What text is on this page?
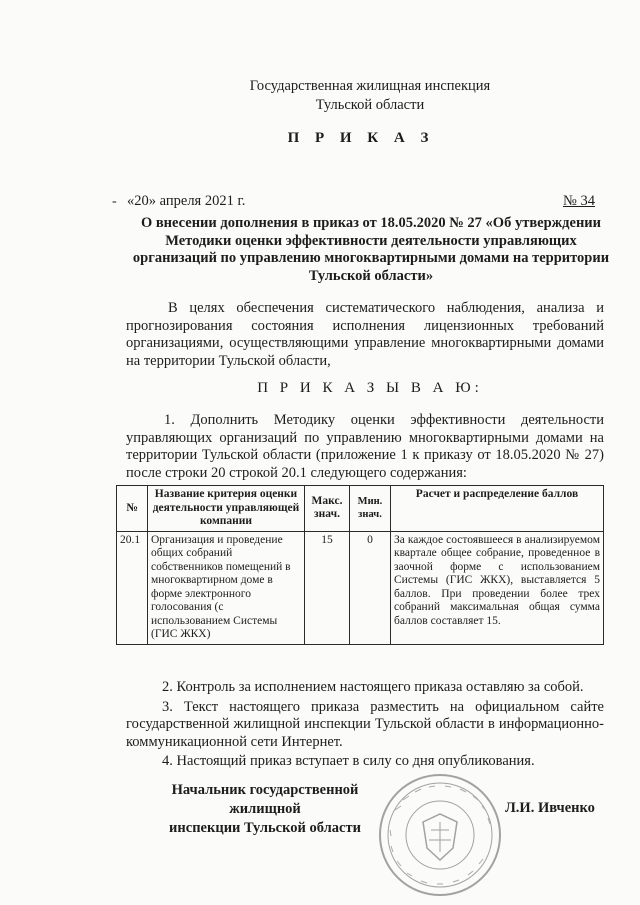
-
Государственная жилищная инспекция
Тульской области
П Р И К А З
«20» апреля 2021 г.	№ 34
О внесении дополнения в приказ от 18.05.2020 № 27 «Об утверждении Методики оценки эффективности деятельности управляющих организаций по управлению многоквартирными домами на территории Тульской области»
В целях обеспечения систематического наблюдения, анализа и прогнозирования состояния исполнения лицензионных требований организациями, осуществляющими управление многоквартирными домами на территории Тульской области,
П Р И К А З Ы В А Ю:
1. Дополнить Методику оценки эффективности деятельности управляющих организаций по управлению многоквартирными домами на территории Тульской области (приложение 1 к приказу от 18.05.2020 № 27) после строки 20 строкой 20.1 следующего содержания:
№	Название критерия оценки деятельности управляющей компании	Макс. знач.	Мин. знач.	Расчет и распределение баллов
20.1	Организация и проведение общих собраний собственников помещений в многоквартирном доме в форме электронного голосования (с использованием Системы (ГИС ЖКХ)	15	0	За каждое состоявшееся в анализируемом квартале общее собрание, проведенное в заочной форме с использованием Системы (ГИС ЖКХ), выставляется 5 баллов. При проведении более трех собраний максимальная общая сумма баллов составляет 15.

2. Контроль за исполнением настоящего приказа оставляю за собой.

3. Текст настоящего приказа разместить на официальном сайте государственной жилищной инспекции Тульской области в информационно-коммуникационной сети Интернет.

4. Настоящий приказ вступает в силу со дня опубликования.

Начальник государственной жилищной
инспекции Тульской области
Л.И. Ивченко
